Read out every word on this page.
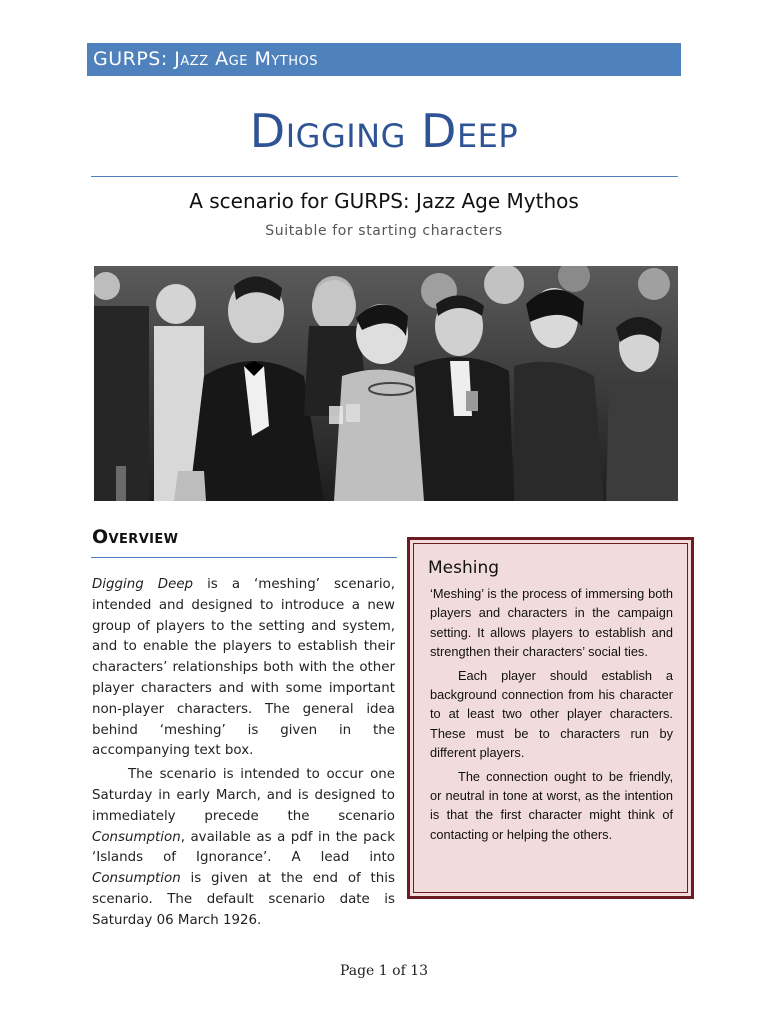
GURPS: Jazz Age Mythos
Digging Deep
A scenario for GURPS: Jazz Age Mythos
Suitable for starting characters
Overview

Digging Deep is a ‘meshing’ scenario, intended and designed to introduce a new group of players to the setting and system, and to enable the players to establish their characters’ relationships both with the other player characters and with some important non-player characters. The general idea behind ‘meshing’ is given in the accompanying text box.

The scenario is intended to occur one Saturday in early March, and is designed to immediately precede the scenario Consumption, available as a pdf in the pack ‘Islands of Ignorance’. A lead into Consumption is given at the end of this scenario. The default scenario date is Saturday 06 March 1926.

Meshing

‘Meshing’ is the process of immersing both players and characters in the campaign setting. It allows players to establish and strengthen their characters’ social ties.

Each player should establish a background connection from his character to at least two other player characters. These must be to characters run by different players.

The connection ought to be friendly, or neutral in tone at worst, as the intention is that the first character might think of contacting or helping the others.

Page 1 of 13
